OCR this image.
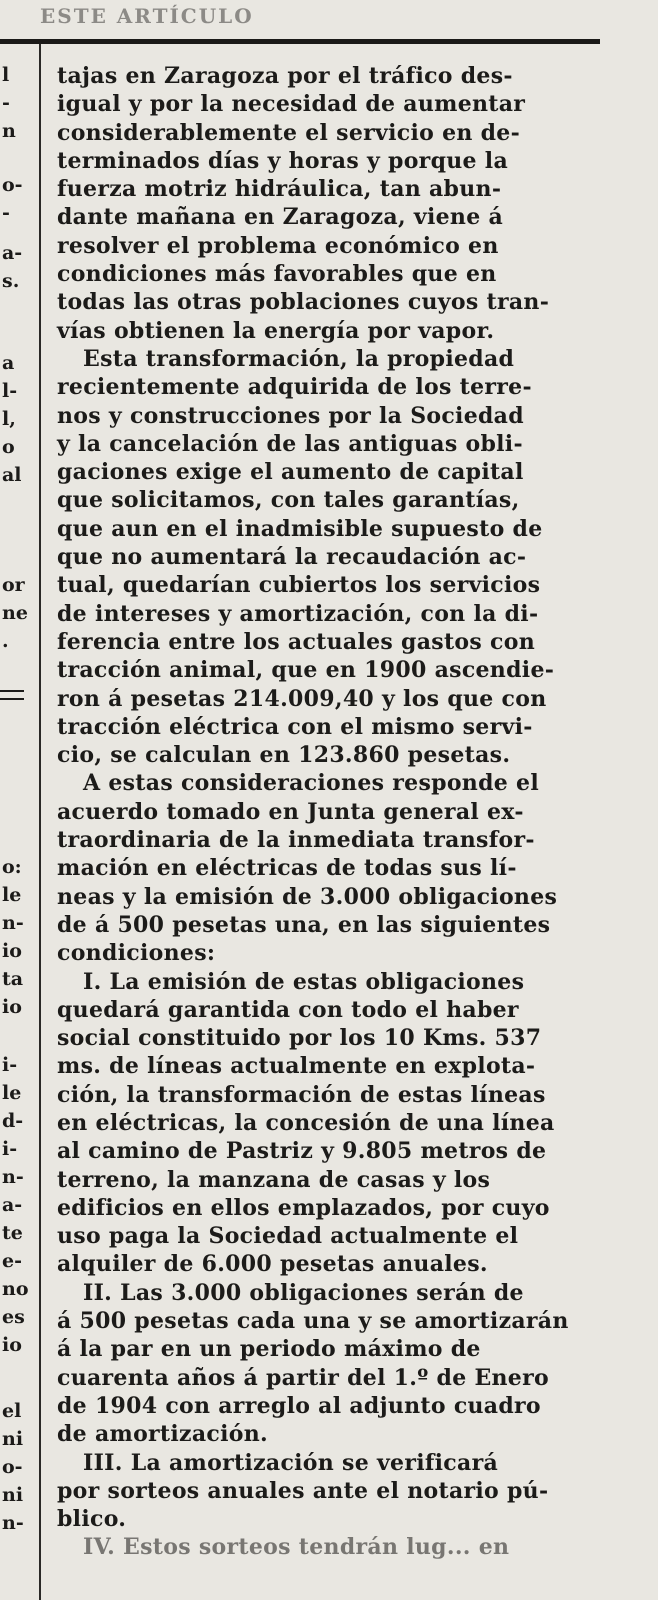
ESTE ARTÍCULO
l
-
n
o-
-
a-
s.
a
l-
l,
o
al
or
ne
.
o:
le
n-
io
ta
io
i-
le
d-
i-
n-
a-
te
e-
no
es
io
el
ni
o-
ni
n-
tajas en Zaragoza por el tráfico des-
igual y por la necesidad de aumentar
considerablemente el servicio en de-
terminados días y horas y porque la
fuerza motriz hidráulica, tan abun-
dante mañana en Zaragoza, viene á
resolver el problema económico en
condiciones más favorables que en
todas las otras poblaciones cuyos tran-
vías obtienen la energía por vapor.
Esta transformación, la propiedad
recientemente adquirida de los terre-
nos y construcciones por la Sociedad
y la cancelación de las antiguas obli-
gaciones exige el aumento de capital
que solicitamos, con tales garantías,
que aun en el inadmisible supuesto de
que no aumentará la recaudación ac-
tual, quedarían cubiertos los servicios
de intereses y amortización, con la di-
ferencia entre los actuales gastos con
tracción animal, que en 1900 ascendie-
ron á pesetas 214.009,40 y los que con
tracción eléctrica con el mismo servi-
cio, se calculan en 123.860 pesetas.
A estas consideraciones responde el
acuerdo tomado en Junta general ex-
traordinaria de la inmediata transfor-
mación en eléctricas de todas sus lí-
neas y la emisión de 3.000 obligaciones
de á 500 pesetas una, en las siguientes
condiciones:
I. La emisión de estas obligaciones
quedará garantida con todo el haber
social constituido por los 10 Kms. 537
ms. de líneas actualmente en explota-
ción, la transformación de estas líneas
en eléctricas, la concesión de una línea
al camino de Pastriz y 9.805 metros de
terreno, la manzana de casas y los
edificios en ellos emplazados, por cuyo
uso paga la Sociedad actualmente el
alquiler de 6.000 pesetas anuales.
II. Las 3.000 obligaciones serán de
á 500 pesetas cada una y se amortizarán
á la par en un periodo máximo de
cuarenta años á partir del 1.º de Enero
de 1904 con arreglo al adjunto cuadro
de amortización.
III. La amortización se verificará
por sorteos anuales ante el notario pú-
blico.
IV. Estos sorteos tendrán lug... en
